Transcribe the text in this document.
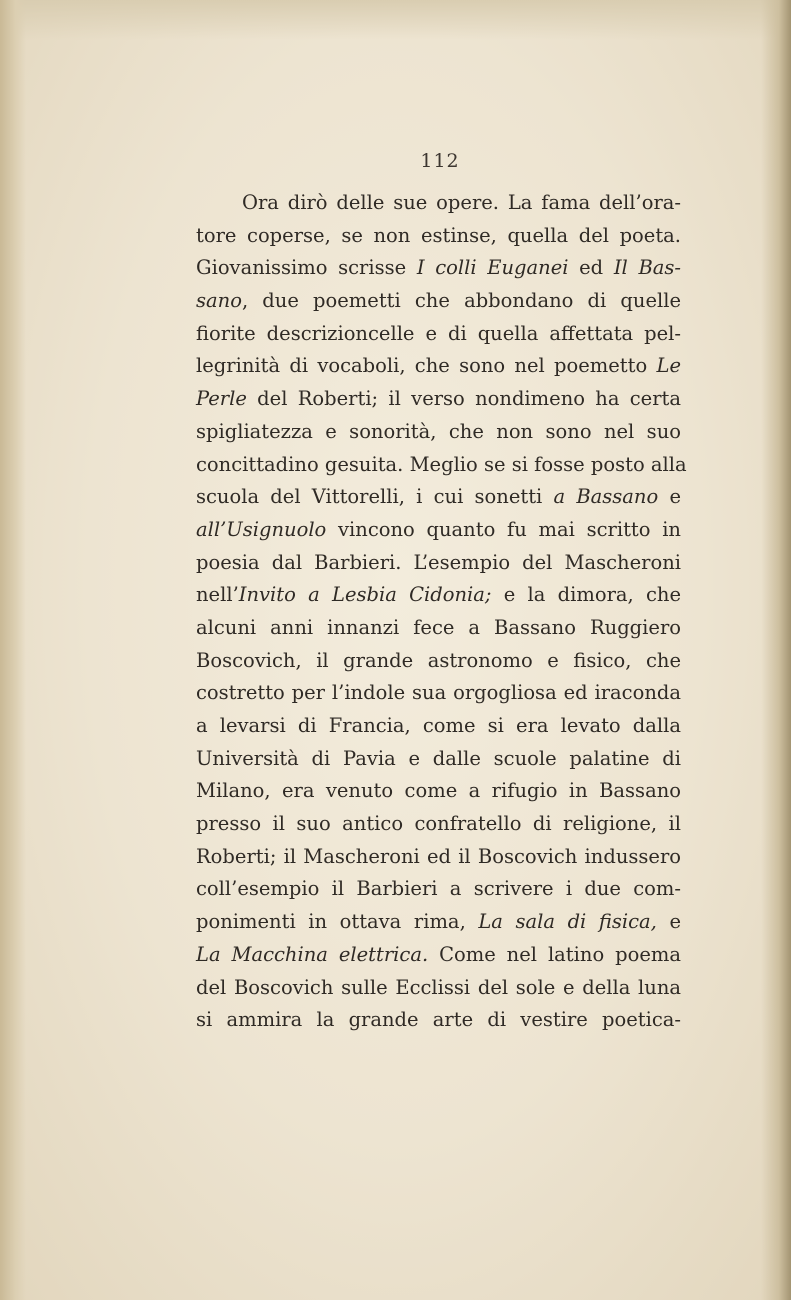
112
Ora dirò delle sue opere. La fama dell’ora-
tore coperse, se non estinse, quella del poeta.
Giovanissimo scrisse I colli Euganei ed Il Bas-
sano, due poemetti che abbondano di quelle
fiorite descrizioncelle e di quella affettata pel-
legrinità di vocaboli, che sono nel poemetto Le
Perle del Roberti; il verso nondimeno ha certa
spigliatezza e sonorità, che non sono nel suo
concittadino gesuita. Meglio se si fosse posto alla
scuola del Vittorelli, i cui sonetti a Bassano e
all’Usignuolo vincono quanto fu mai scritto in
poesia dal Barbieri. L’esempio del Mascheroni
nell’Invito a Lesbia Cidonia; e la dimora, che
alcuni anni innanzi fece a Bassano Ruggiero
Boscovich, il grande astronomo e fisico, che
costretto per l’indole sua orgogliosa ed iraconda
a levarsi di Francia, come si era levato dalla
Università di Pavia e dalle scuole palatine di
Milano, era venuto come a rifugio in Bassano
presso il suo antico confratello di religione, il
Roberti; il Mascheroni ed il Boscovich indussero
coll’esempio il Barbieri a scrivere i due com-
ponimenti in ottava rima, La sala di fisica, e
La Macchina elettrica. Come nel latino poema
del Boscovich sulle Ecclissi del sole e della luna
si ammira la grande arte di vestire poetica-
